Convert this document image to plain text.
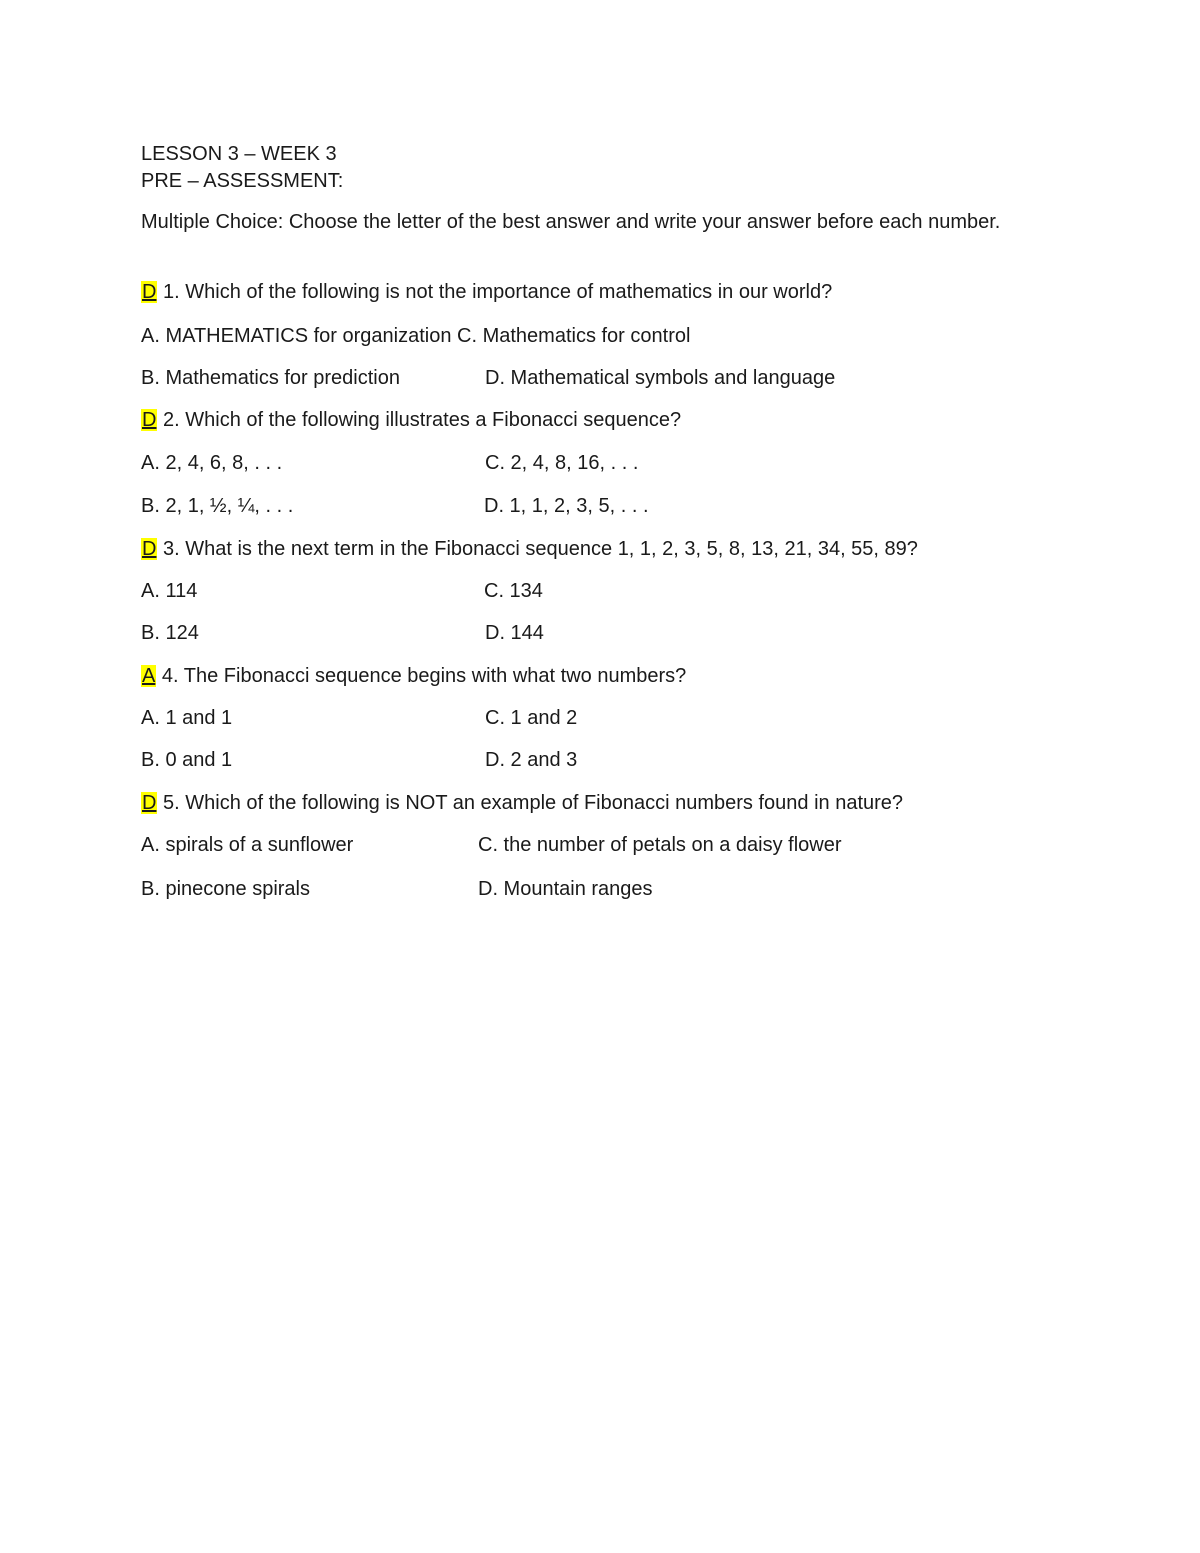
LESSON 3 – WEEK 3
PRE – ASSESSMENT:
Multiple Choice: Choose the letter of the best answer and write your answer before each number.
D 1. Which of the following is not the importance of mathematics in our world?
A. MATHEMATICS for organization C. Mathematics for control
B. Mathematics for prediction	D. Mathematical symbols and language
D 2. Which of the following illustrates a Fibonacci sequence?
A. 2, 4, 6, 8, . . .	C. 2, 4, 8, 16, . . .
B. 2, 1, ½, ¼, . . .	D. 1, 1, 2, 3, 5, . . .
D 3. What is the next term in the Fibonacci sequence 1, 1, 2, 3, 5, 8, 13, 21, 34, 55, 89?
A. 114	C. 134
B. 124	D. 144
A 4. The Fibonacci sequence begins with what two numbers?
A. 1 and 1	C. 1 and 2
B. 0 and 1	D. 2 and 3
D 5. Which of the following is NOT an example of Fibonacci numbers found in nature?
A. spirals of a sunflower	C. the number of petals on a daisy flower
B. pinecone spirals	D. Mountain ranges
